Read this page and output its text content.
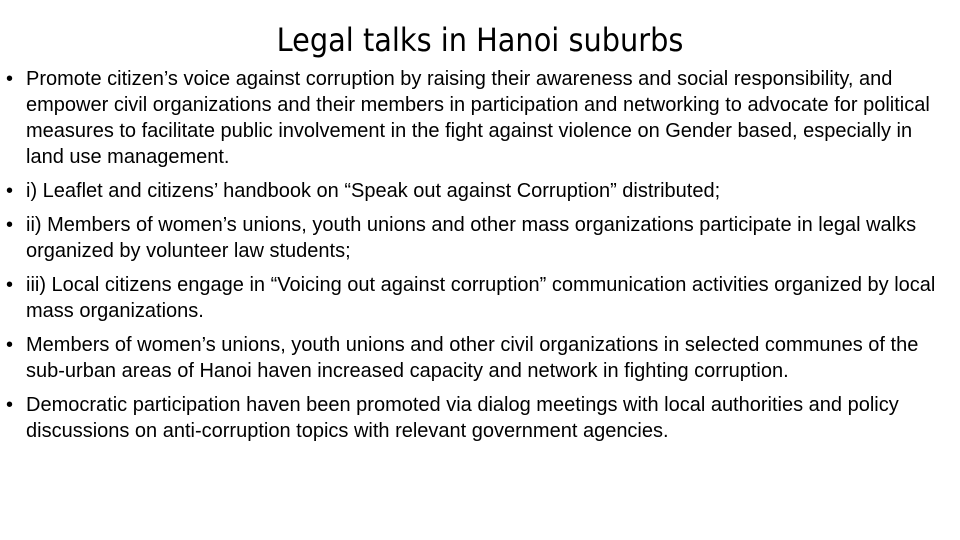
Legal talks in Hanoi suburbs
• Promote citizen’s voice against corruption by raising their awareness and social responsibility, and empower civil organizations and their members in participation and networking to advocate for political measures to facilitate public involvement in the fight against violence on Gender based, especially in land use management.
• i) Leaflet and citizens’ handbook on “Speak out against Corruption” distributed;
• ii) Members of women’s unions, youth unions and other mass organizations participate in legal walks organized by volunteer law students;
• iii) Local citizens engage in “Voicing out against corruption” communication activities organized by local mass organizations.
• Members of women’s unions, youth unions and other civil organizations in selected communes of the sub-urban areas of Hanoi haven increased capacity and network in fighting corruption.
• Democratic participation haven been promoted via dialog meetings with local authorities and policy discussions on anti-corruption topics with relevant government agencies.
